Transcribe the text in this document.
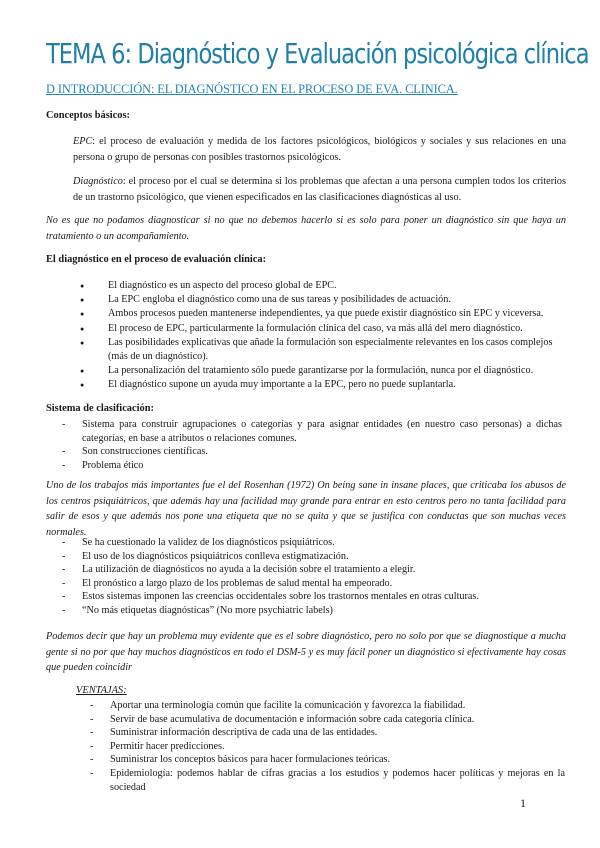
TEMA 6: Diagnóstico y Evaluación psicológica clínica
D INTRODUCCIÓN: EL DIAGNÓSTICO EN EL PROCESO DE EVA. CLINICA.
Conceptos básicos:
EPC: el proceso de evaluación y medida de los factores psicológicos, biológicos y sociales y sus relaciones en una persona o grupo de personas con posibles trastornos psicológicos.
Diagnóstico: el proceso por el cual se determina si los problemas que afectan a una persona cumplen todos los criterios de un trastorno psicológico, que vienen especificados en las clasificaciones diagnósticas al uso.
No es que no podamos diagnosticar si no que no debemos hacerlo si es solo para poner un diagnóstico sin que haya un tratamiento o un acompañamiento.
El diagnóstico en el proceso de evaluación clínica:
● El diagnóstico es un aspecto del proceso global de EPC.
● La EPC engloba el diagnóstico como una de sus tareas y posibilidades de actuación.
● Ambos procesos pueden mantenerse independientes, ya que puede existir diagnóstico sin EPC y viceversa.
● El proceso de EPC, particularmente la formulación clínica del caso, va más allá del mero diagnóstico.
● Las posibilidades explicativas que añade la formulación son especialmente relevantes en los casos complejos (más de un diagnóstico).
● La personalización del tratamiento sólo puede garantizarse por la formulación, nunca por el diagnóstico.
● El diagnóstico supone un ayuda muy importante a la EPC, pero no puede suplantarla.
Sistema de clasificación:
- Sistema para construir agrupaciones o categorías y para asignar entidades (en nuestro caso personas) a dichas categorías, en base a atributos o relaciones comunes.
- Son construcciones científicas.
- Problema ético
Uno de los trabajos más importantes fue el del Rosenhan (1972) On being sane in insane places, que criticaba los abusos de los centros psiquiátricos, que además hay una facilidad muy grande para entrar en esto centros pero no tanta facilidad para salir de esos y que además nos pone una etiqueta que no se quita y que se justifica con conductas que son muchas veces normales.
- Se ha cuestionado la validez de los diagnósticos psiquiátricos.
- El uso de los diagnósticos psiquiátricos conlleva estigmatización.
- La utilización de diagnósticos no ayuda a la decisión sobre el tratamiento a elegir.
- El pronóstico a largo plazo de los problemas de salud mental ha empeorado.
- Estos sistemas imponen las creencias occidentales sobre los trastornos mentales en otras culturas.
- “No más etiquetas diagnósticas” (No more psychiatric labels)
Podemos decir que hay un problema muy evidente que es el sobre diagnóstico, pero no solo por que se diagnostique a mucha gente si no por que hay muchos diagnósticos en todo el DSM-5 y es muy fácil poner un diagnóstico si efectivamente hay cosas que pueden coincidir
VENTAJAS:
- Aportar una terminología común que facilite la comunicación y favorezca la fiabilidad.
- Servir de base acumulativa de documentación e información sobre cada categoría clínica.
- Suministrar información descriptiva de cada una de las entidades.
- Permitir hacer predicciones.
- Suministrar los conceptos básicos para hacer formulaciones teóricas.
- Epidemiología: podemos hablar de cifras gracias a los estudios y podemos hacer políticas y mejoras en la sociedad
1
